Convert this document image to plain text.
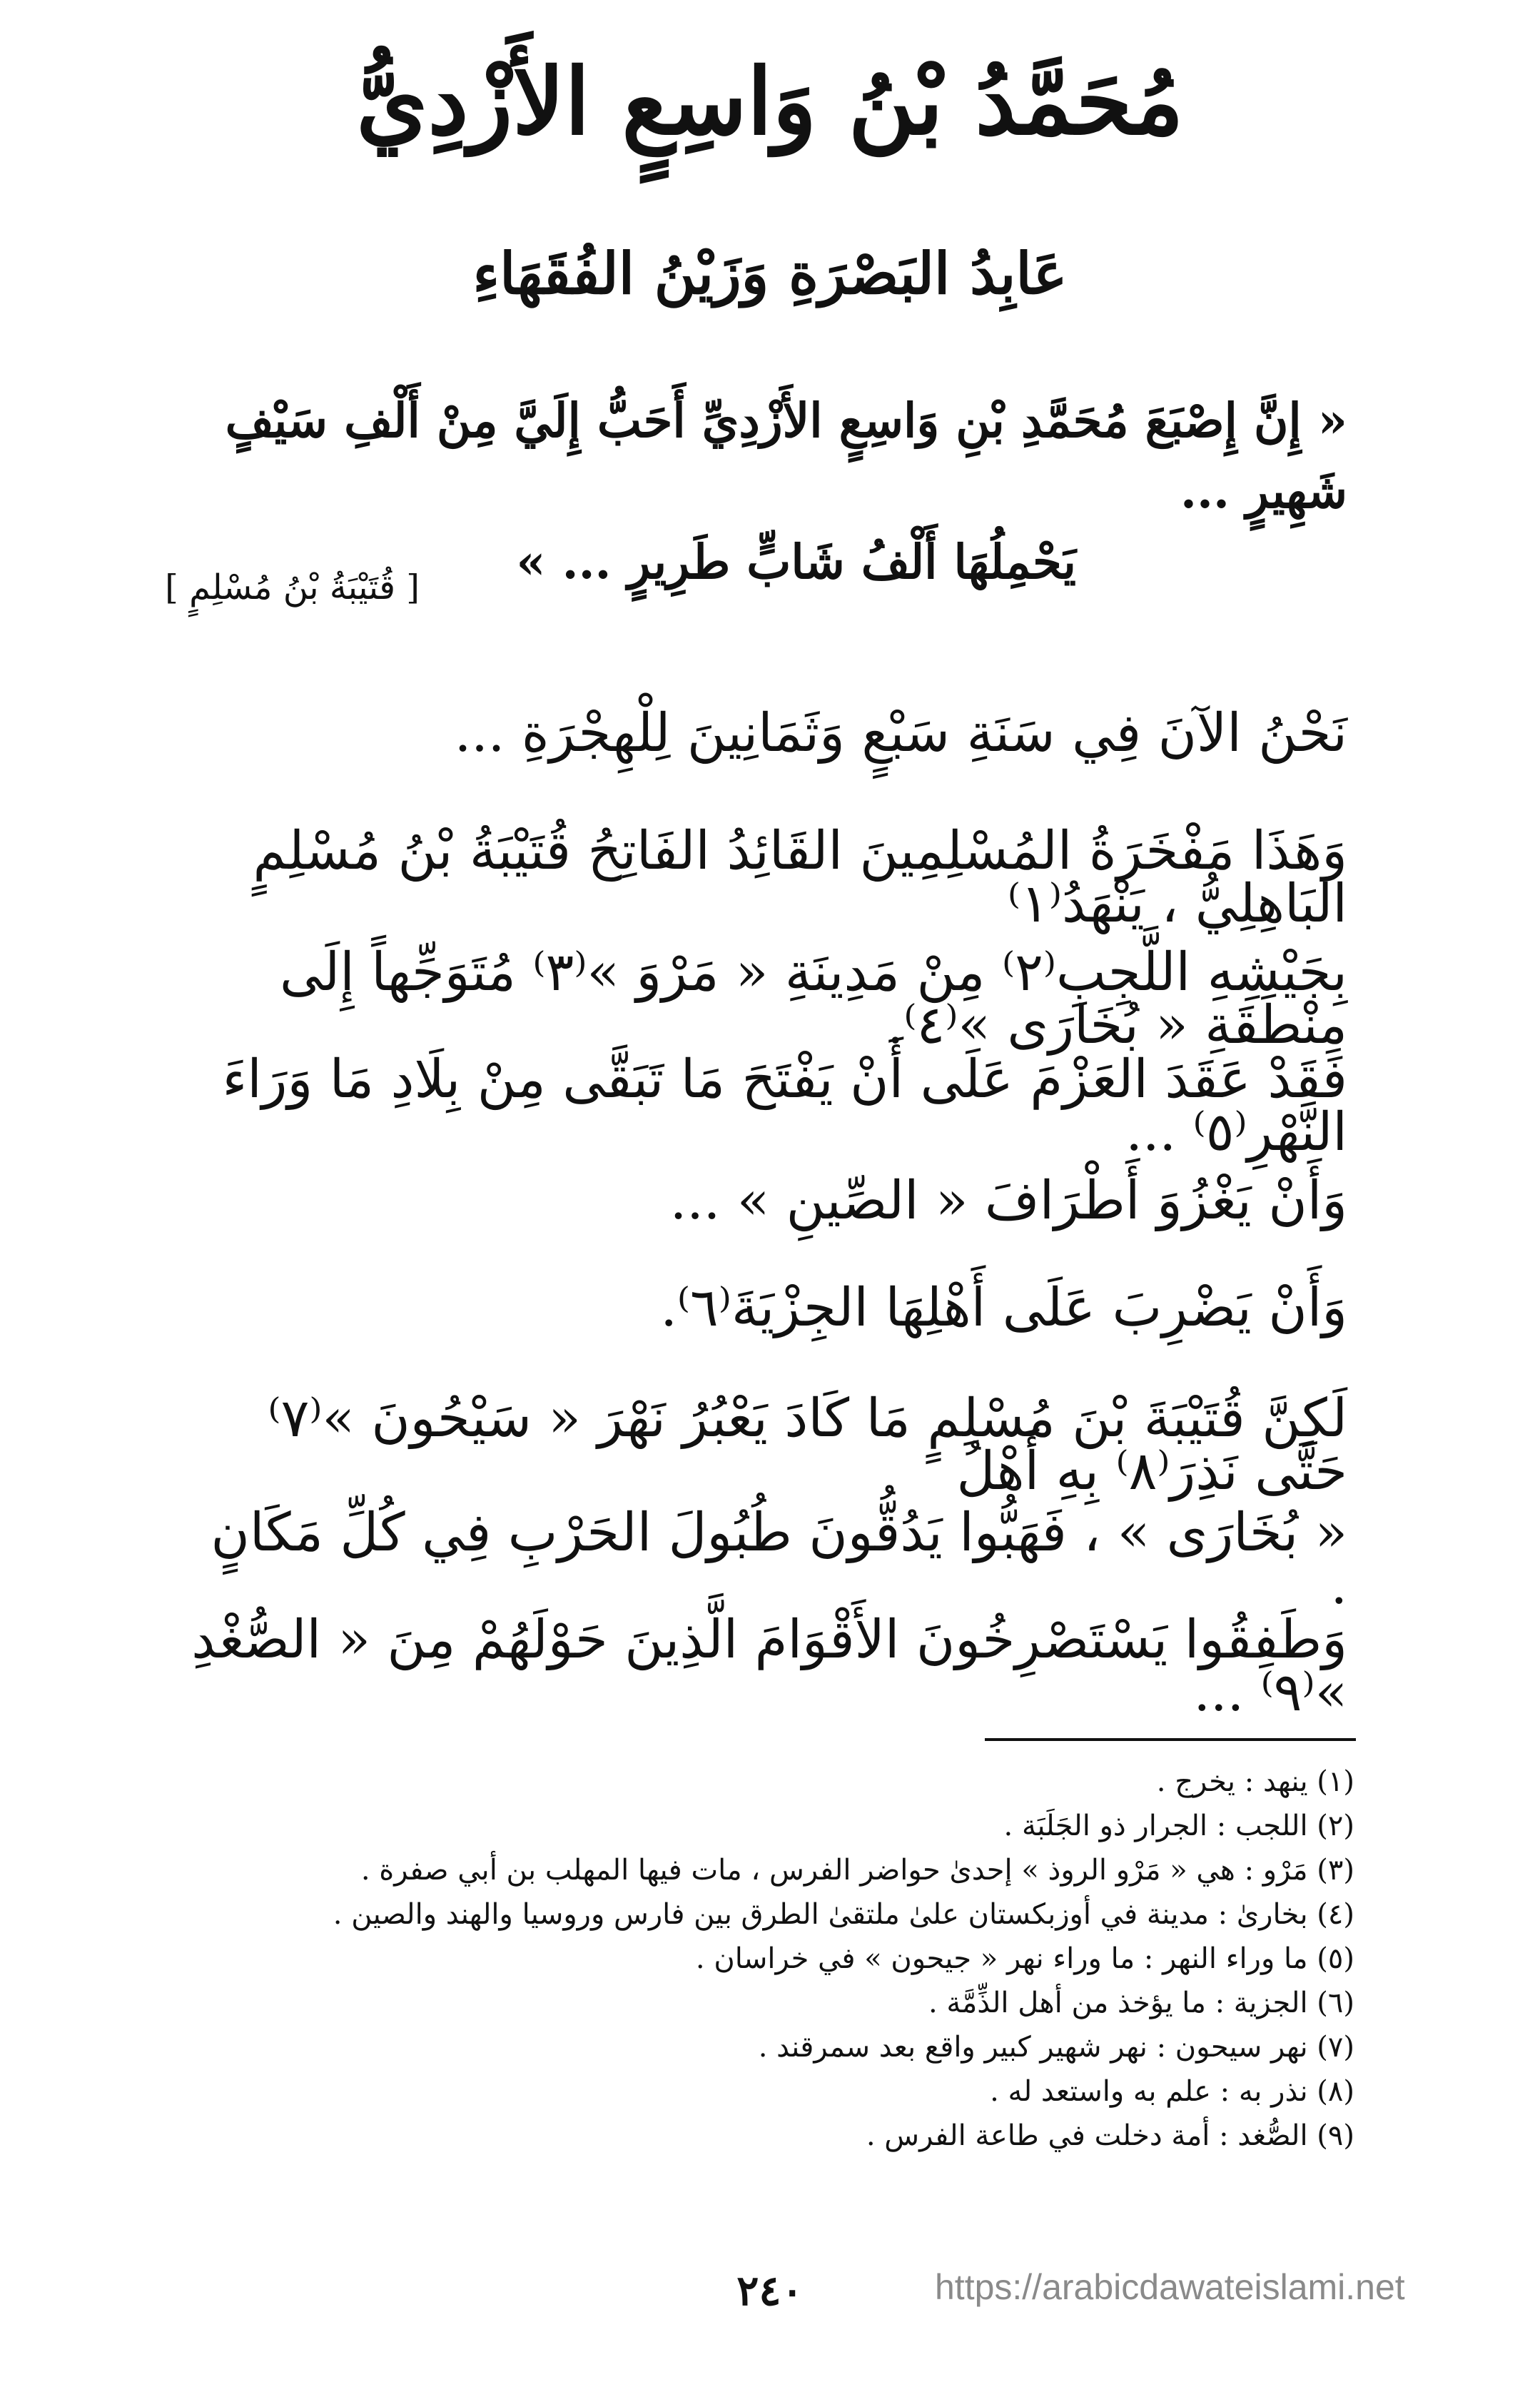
مُحَمَّدُ بْنُ وَاسِعٍ الأَزْدِيُّ
عَابِدُ البَصْرَةِ وَزَيْنُ الفُقَهَاءِ
« إِنَّ إِصْبَعَ مُحَمَّدِ بْنِ وَاسِعٍ الأَزْدِيِّ أَحَبُّ إِلَيَّ مِنْ أَلْفِ سَيْفٍ شَهِيرٍ ...
يَحْمِلُهَا أَلْفُ شَابٍّ طَرِيرٍ ... »
[ قُتَيْبَةُ بْنُ مُسْلِمٍ ]

نَحْنُ الآنَ فِي سَنَةِ سَبْعٍ وَثَمَانِينَ لِلْهِجْرَةِ ...

وَهَذَا مَفْخَرَةُ المُسْلِمِينَ القَائِدُ الفَاتِحُ قُتَيْبَةُ بْنُ مُسْلِمٍ البَاهِلِيُّ ، يَنْهَدُ⁽١⁾
بِجَيْشِهِ اللَّجِبِ⁽٢⁾ مِنْ مَدِينَةِ « مَرْوَ »⁽٣⁾ مُتَوَجِّهاً إِلَى مِنْطَقَةِ « بُخَارَى »⁽٤⁾.

فَقَدْ عَقَدَ العَزْمَ عَلَى أَنْ يَفْتَحَ مَا تَبَقَّى مِنْ بِلَادِ مَا وَرَاءَ النَّهْرِ⁽٥⁾ ...

وَأَنْ يَغْزُوَ أَطْرَافَ « الصِّينِ » ...

وَأَنْ يَضْرِبَ عَلَى أَهْلِهَا الجِزْيَةَ⁽٦⁾.

لَكِنَّ قُتَيْبَةَ بْنَ مُسْلِمٍ مَا كَادَ يَعْبُرُ نَهْرَ « سَيْحُونَ »⁽٧⁾ حَتَّى نَذِرَ⁽٨⁾ بِهِ أَهْلُ
« بُخَارَى » ، فَهَبُّوا يَدُقُّونَ طُبُولَ الحَرْبِ فِي كُلِّ مَكَانٍ .

وَطَفِقُوا يَسْتَصْرِخُونَ الأَقْوَامَ الَّذِينَ حَوْلَهُمْ مِنَ « الصُّغْدِ »⁽٩⁾ ...

(١) ينهد : يخرج .
(٢) اللجب : الجرار ذو الجَلَبَة .
(٣) مَرْو : هي « مَرْو الروذ » إحدىٰ حواضر الفرس ، مات فيها المهلب بن أبي صفرة .
(٤) بخارىٰ : مدينة في أوزبكستان علىٰ ملتقىٰ الطرق بين فارس وروسيا والهند والصين .
(٥) ما وراء النهر : ما وراء نهر « جيحون » في خراسان .
(٦) الجزية : ما يؤخذ من أهل الذِّمَّة .
(٧) نهر سيحون : نهر شهير كبير واقع بعد سمرقند .
(٨) نذر به : علم به واستعد له .
(٩) الصُّغد : أمة دخلت في طاعة الفرس .
٢٤٠	https://arabicdawateislami.net
